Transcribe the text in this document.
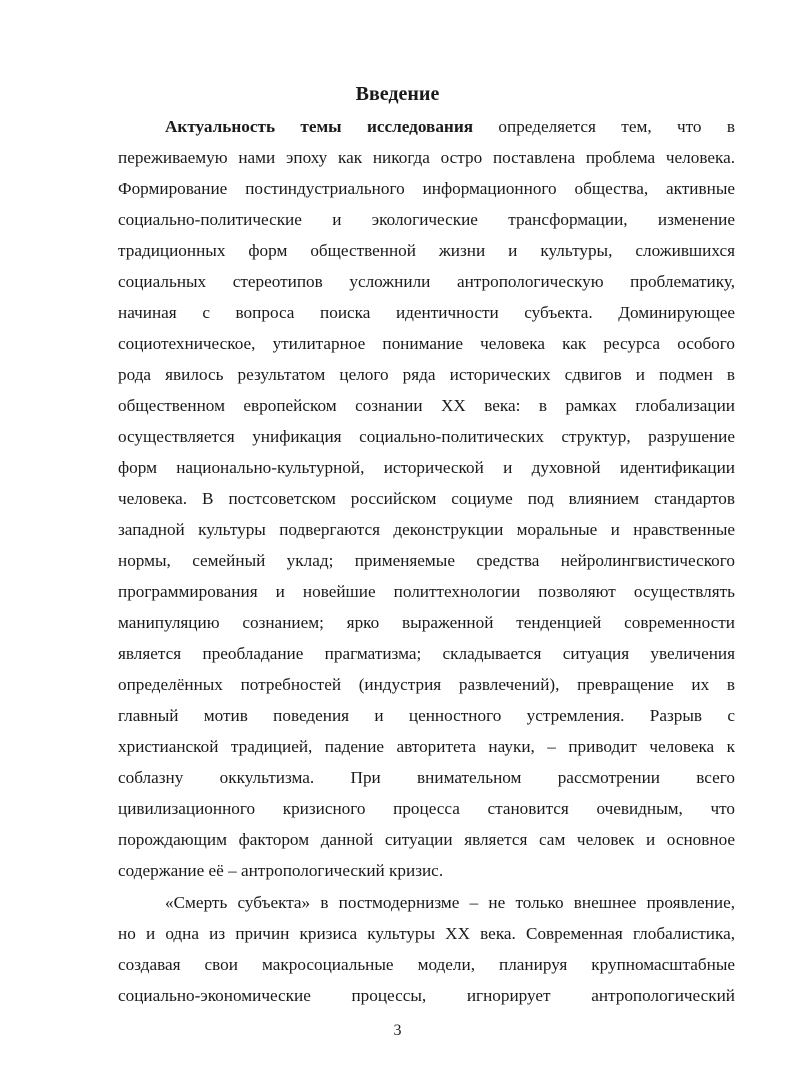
Введение
Актуальность темы исследования определяется тем, что в
переживаемую нами эпоху как никогда остро поставлена проблема человека.
Формирование постиндустриального информационного общества, активные
социально-политические и экологические трансформации, изменение
традиционных форм общественной жизни и культуры, сложившихся
социальных стереотипов усложнили антропологическую проблематику,
начиная с вопроса поиска идентичности субъекта. Доминирующее
социотехническое, утилитарное понимание человека как ресурса особого
рода явилось результатом целого ряда исторических сдвигов и подмен в
общественном европейском сознании XX века: в рамках глобализации
осуществляется унификация социально-политических структур, разрушение
форм национально-культурной, исторической и духовной идентификации
человека. В постсоветском российском социуме под влиянием стандартов
западной культуры подвергаются деконструкции моральные и нравственные
нормы, семейный уклад; применяемые средства нейролингвистического
программирования и новейшие политтехнологии позволяют осуществлять
манипуляцию сознанием; ярко выраженной тенденцией современности
является преобладание прагматизма; складывается ситуация увеличения
определённых потребностей (индустрия развлечений), превращение их в
главный мотив поведения и ценностного устремления. Разрыв с
христианской традицией, падение авторитета науки, – приводит человека к
соблазну оккультизма. При внимательном рассмотрении всего
цивилизационного кризисного процесса становится очевидным, что
порождающим фактором данной ситуации является сам человек и основное
содержание её – антропологический кризис.
«Смерть субъекта» в постмодернизме – не только внешнее проявление,
но и одна из причин кризиса культуры XX века. Современная глобалистика,
создавая свои макросоциальные модели, планируя крупномасштабные
социально-экономические процессы, игнорирует антропологический
3
